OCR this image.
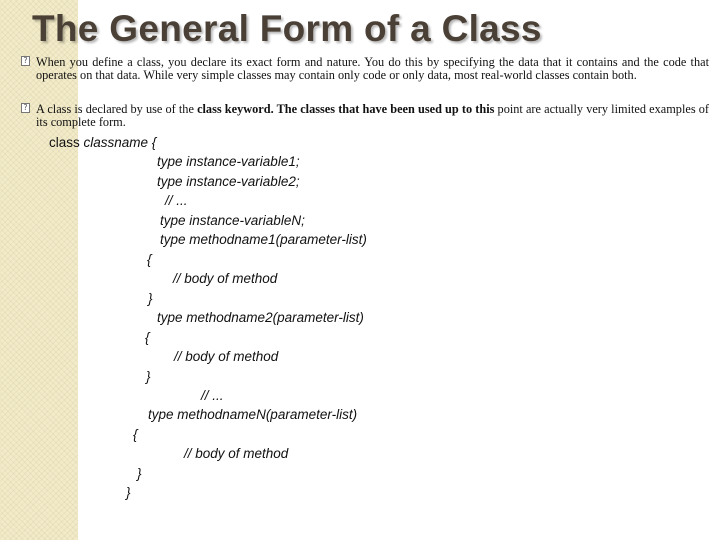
The General Form of a Class

? When you define a class, you declare its exact form and nature. You do this by specifying the data that it contains and the code that operates on that data. While very simple classes may contain only code or only data, most real-world classes contain both.

? A class is declared by use of the class keyword. The classes that have been used up to this point are actually very limited examples of its complete form.

class classname {
type instance-variable1;
type instance-variable2;
// ...
type instance-variableN;
type methodname1(parameter-list)
{
// body of method
}
type methodname2(parameter-list)
{
// body of method
}
// ...
type methodnameN(parameter-list)
{
// body of method
}
}
